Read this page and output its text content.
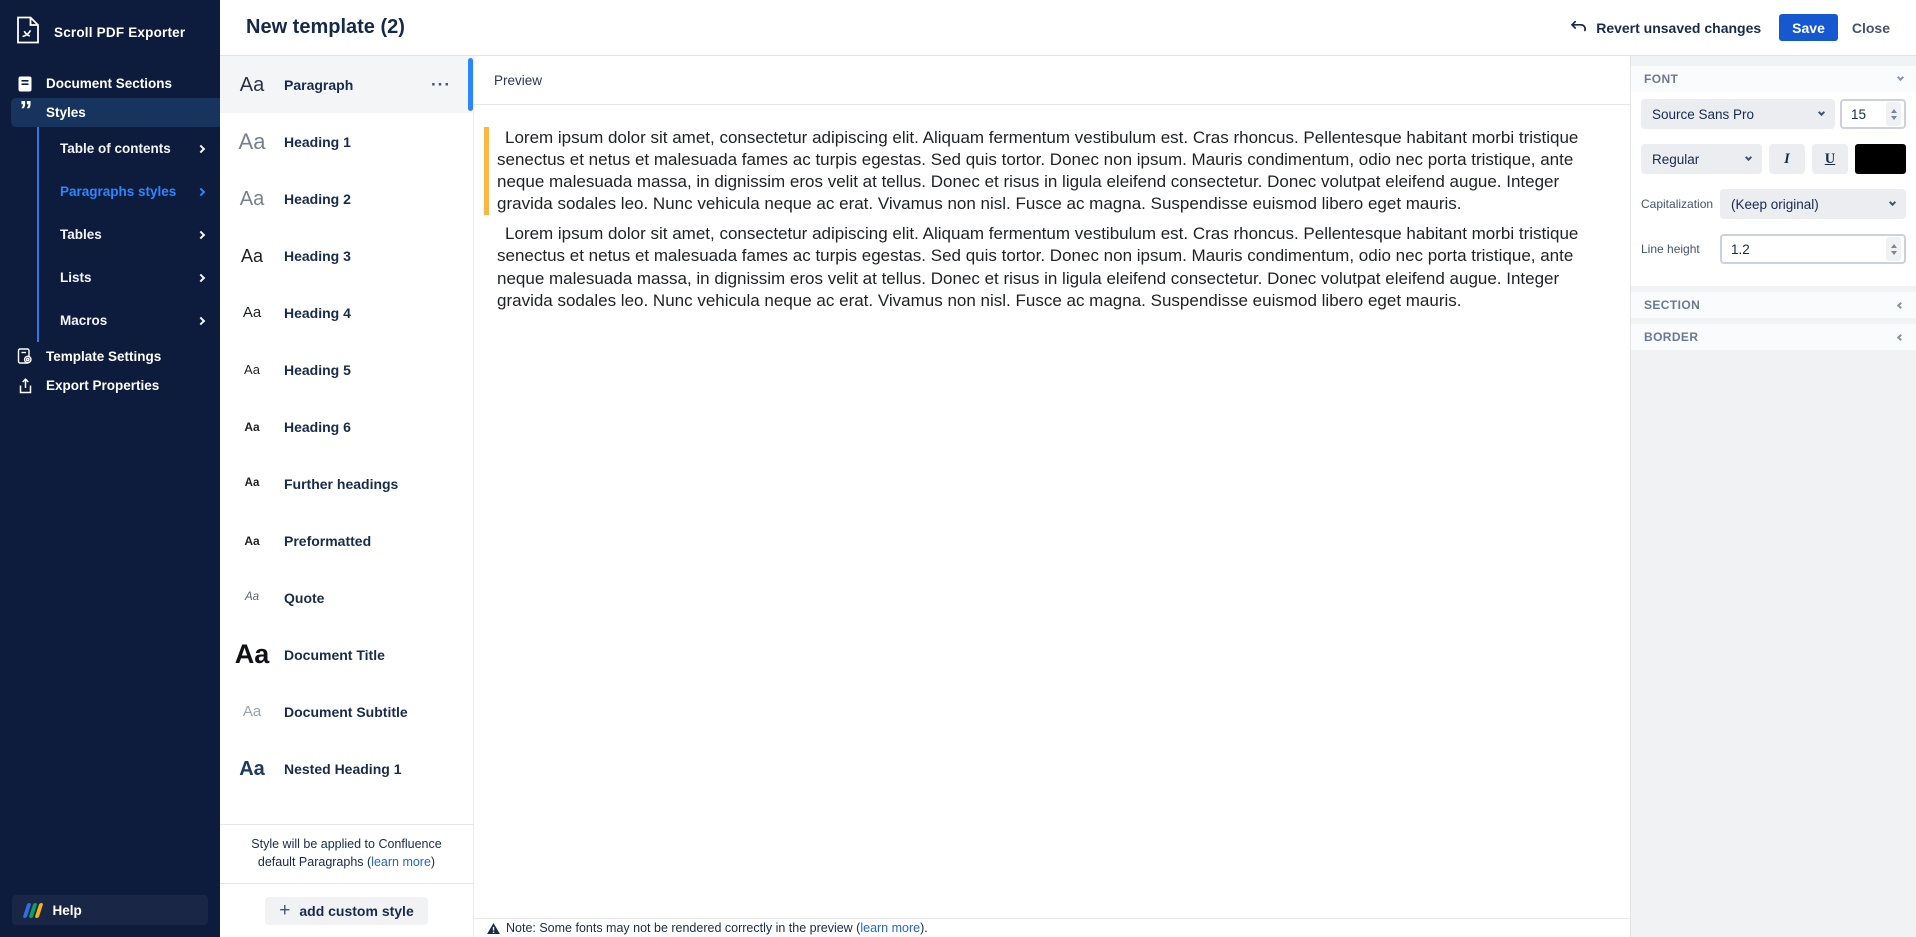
Scroll PDF Exporter
Document Sections
” Styles
Table of contents
Paragraphs styles
Tables
Lists
Macros
Template Settings
Export Properties
Help
New template (2)	Revert unsaved changes	Save	Close
Aa	Paragraph	···
Aa	Heading 1
Aa	Heading 2
Aa	Heading 3
Aa	Heading 4
Aa	Heading 5
Aa	Heading 6
Aa	Further headings
Aa	Preformatted
Aa	Quote
Aa	Document Title
Aa	Document Subtitle
Aa	Nested Heading 1
Style will be applied to Confluence default Paragraphs (learn more)
+ add custom style
Preview

Lorem ipsum dolor sit amet, consectetur adipiscing elit. Aliquam fermentum vestibulum est. Cras rhoncus. Pellentesque habitant morbi tristique senectus et netus et malesuada fames ac turpis egestas. Sed quis tortor. Donec non ipsum. Mauris condimentum, odio nec porta tristique, ante neque malesuada massa, in dignissim eros velit at tellus. Donec et risus in ligula eleifend consectetur. Donec volutpat eleifend augue. Integer gravida sodales leo. Nunc vehicula neque ac erat. Vivamus non nisl. Fusce ac magna. Suspendisse euismod libero eget mauris.

Lorem ipsum dolor sit amet, consectetur adipiscing elit. Aliquam fermentum vestibulum est. Cras rhoncus. Pellentesque habitant morbi tristique senectus et netus et malesuada fames ac turpis egestas. Sed quis tortor. Donec non ipsum. Mauris condimentum, odio nec porta tristique, ante neque malesuada massa, in dignissim eros velit at tellus. Donec et risus in ligula eleifend consectetur. Donec volutpat eleifend augue. Integer gravida sodales leo. Nunc vehicula neque ac erat. Vivamus non nisl. Fusce ac magna. Suspendisse euismod libero eget mauris.

Note: Some fonts may not be rendered correctly in the preview (learn more).
FONT
Source Sans Pro
15
Regular	I U
Capitalization	(Keep original)
Line height
1.2
SECTION
BORDER
